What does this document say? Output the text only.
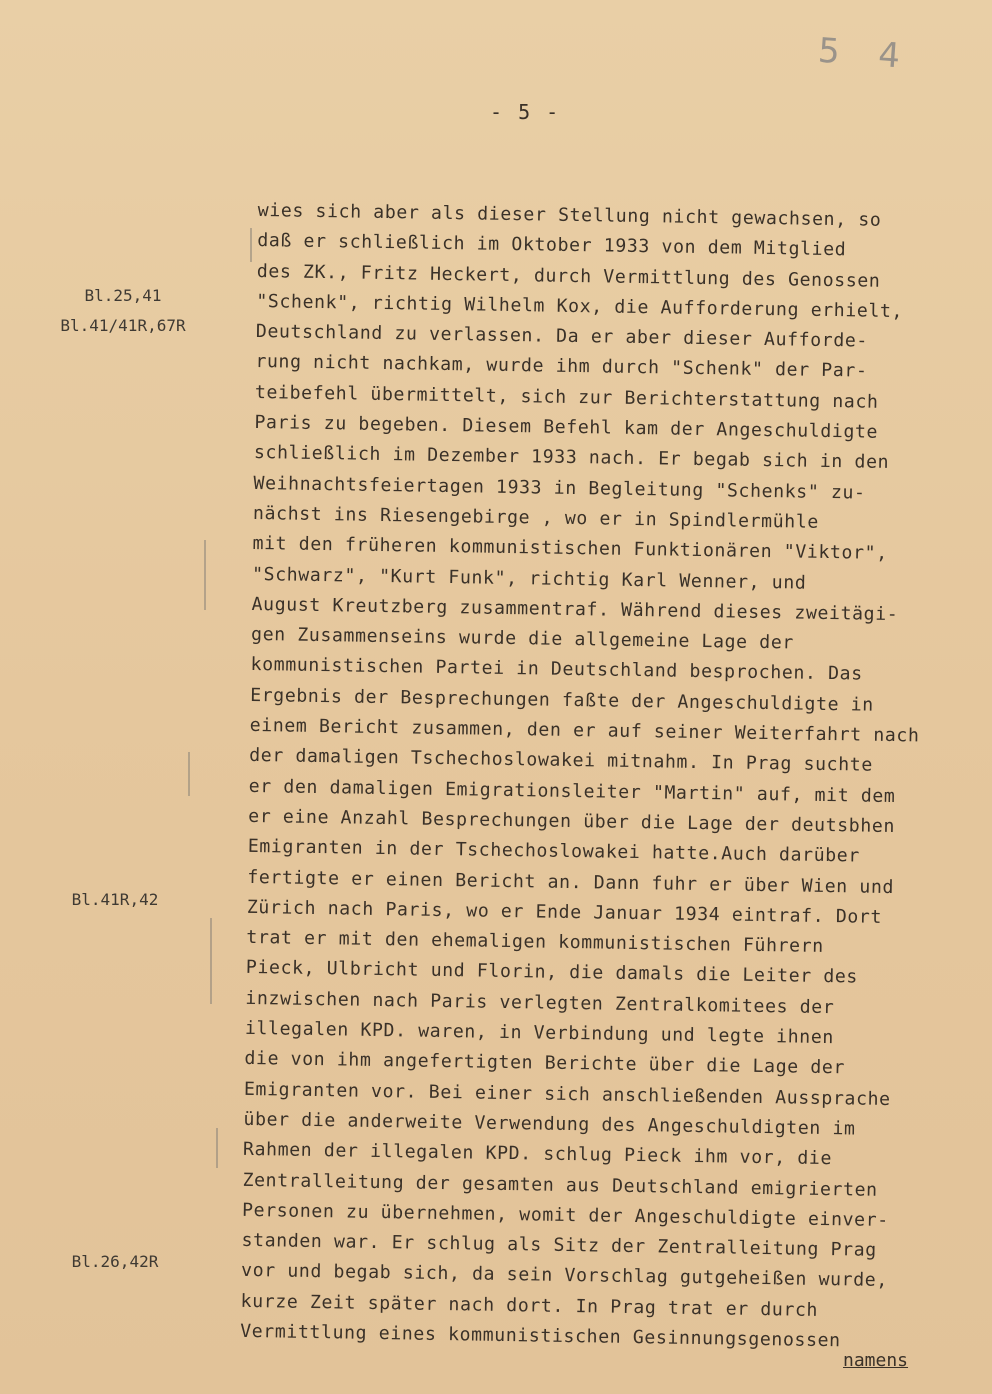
5 4
- 5 -
Bl.25,41
Bl.41/41R,67R
Bl.41R,42
Bl.26,42R
wies sich aber als dieser Stellung nicht gewachsen, so
daß er schließlich im Oktober 1933 von dem Mitglied
des ZK., Fritz Heckert, durch Vermittlung des Genossen
"Schenk", richtig Wilhelm Kox, die Aufforderung erhielt,
Deutschland zu verlassen. Da er aber dieser Aufforde-
rung nicht nachkam, wurde ihm durch "Schenk" der Par-
teibefehl übermittelt, sich zur Berichterstattung nach
Paris zu begeben. Diesem Befehl kam der Angeschuldigte
schließlich im Dezember 1933 nach. Er begab sich in den
Weihnachtsfeiertagen 1933 in Begleitung "Schenks" zu-
nächst ins Riesengebirge , wo er in Spindlermühle
mit den früheren kommunistischen Funktionären "Viktor",
"Schwarz", "Kurt Funk", richtig Karl Wenner, und
August Kreutzberg zusammentraf. Während dieses zweitägi-
gen Zusammenseins wurde die allgemeine Lage der
kommunistischen Partei in Deutschland besprochen. Das
Ergebnis der Besprechungen faßte der Angeschuldigte in
einem Bericht zusammen, den er auf seiner Weiterfahrt nach
der damaligen Tschechoslowakei mitnahm. In Prag suchte
er den damaligen Emigrationsleiter "Martin" auf, mit dem
er eine Anzahl Besprechungen über die Lage der deutsbhen
Emigranten in der Tschechoslowakei hatte.Auch darüber
fertigte er einen Bericht an. Dann fuhr er über Wien und
Zürich nach Paris, wo er Ende Januar 1934 eintraf. Dort
trat er mit den ehemaligen kommunistischen Führern
Pieck, Ulbricht und Florin, die damals die Leiter des
inzwischen nach Paris verlegten Zentralkomitees der
illegalen KPD. waren, in Verbindung und legte ihnen
die von ihm angefertigten Berichte über die Lage der
Emigranten vor. Bei einer sich anschließenden Aussprache
über die anderweite Verwendung des Angeschuldigten im
Rahmen der illegalen KPD. schlug Pieck ihm vor, die
Zentralleitung der gesamten aus Deutschland emigrierten
Personen zu übernehmen, womit der Angeschuldigte einver-
standen war. Er schlug als Sitz der Zentralleitung Prag
vor und begab sich, da sein Vorschlag gutgeheißen wurde,
kurze Zeit später nach dort. In Prag trat er durch
Vermittlung eines kommunistischen Gesinnungsgenossen
namens
